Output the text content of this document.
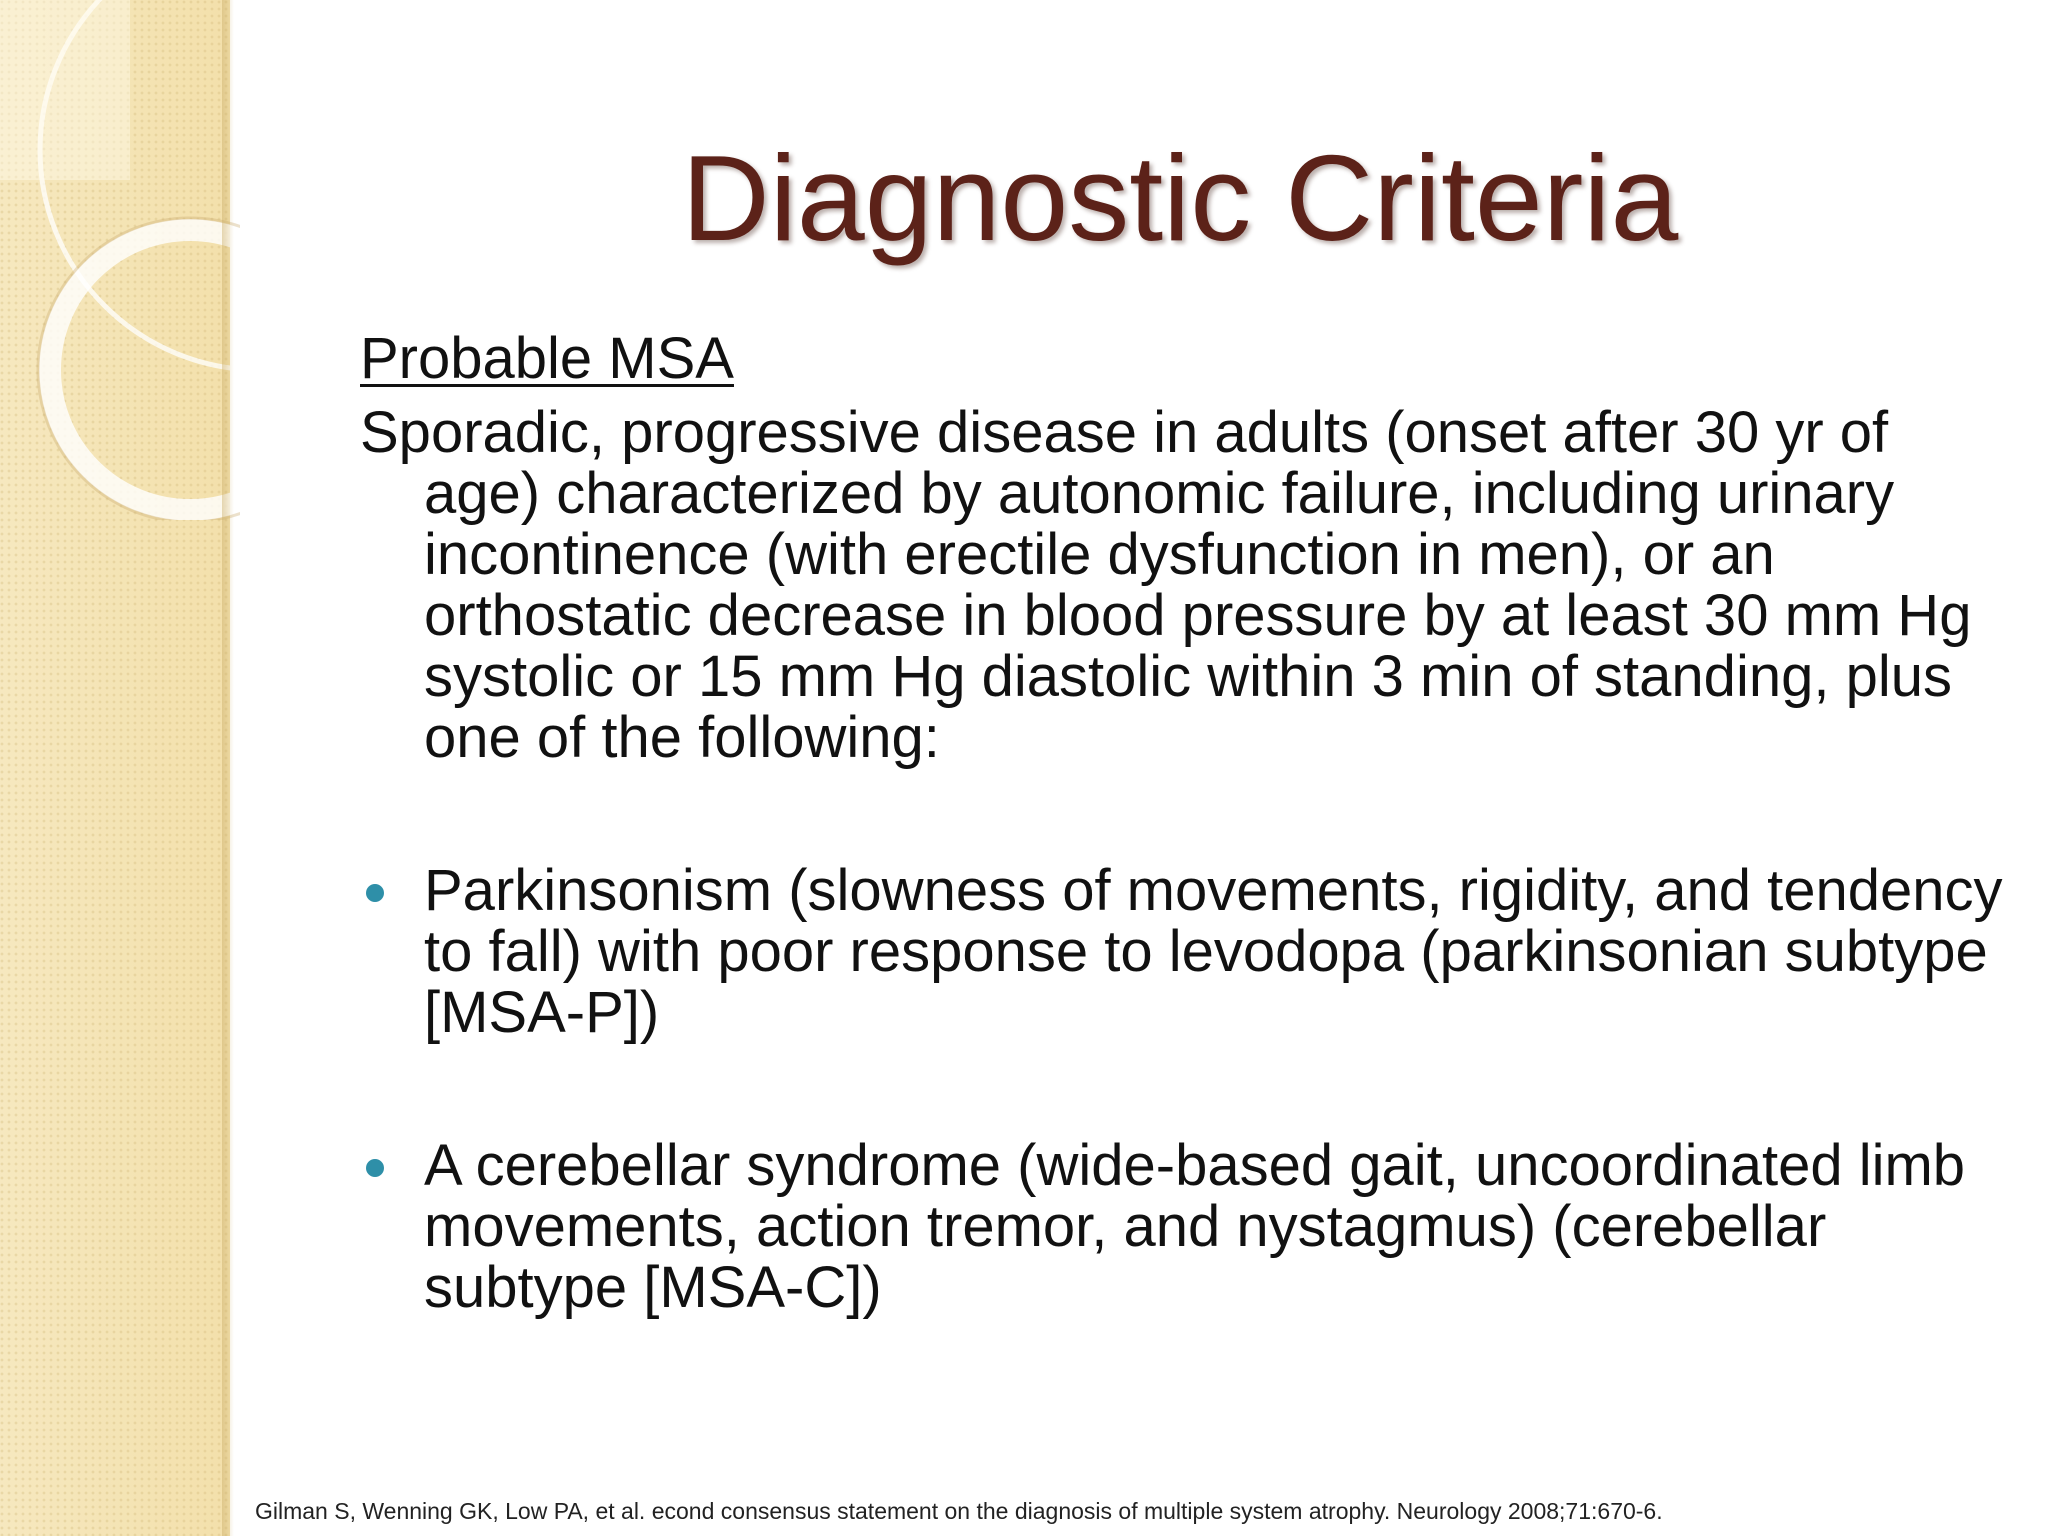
Diagnostic Criteria
Probable MSA

Sporadic, progressive disease in adults (onset after 30 yr of age) characterized by autonomic failure, including urinary incontinence (with erectile dysfunction in men), or an orthostatic decrease in blood pressure by at least 30 mm Hg systolic or 15 mm Hg diastolic within 3 min of standing, plus one of the following:

Parkinsonism (slowness of movements, rigidity, and tendency to fall) with poor response to levodopa (parkinsonian subtype [MSA-P])
A cerebellar syndrome (wide-based gait, uncoordinated limb movements, action tremor, and nystagmus) (cerebellar subtype [MSA-C])
Gilman S, Wenning GK, Low PA, et al. econd consensus statement on the diagnosis of multiple system atrophy. Neurology 2008;71:670-6.
